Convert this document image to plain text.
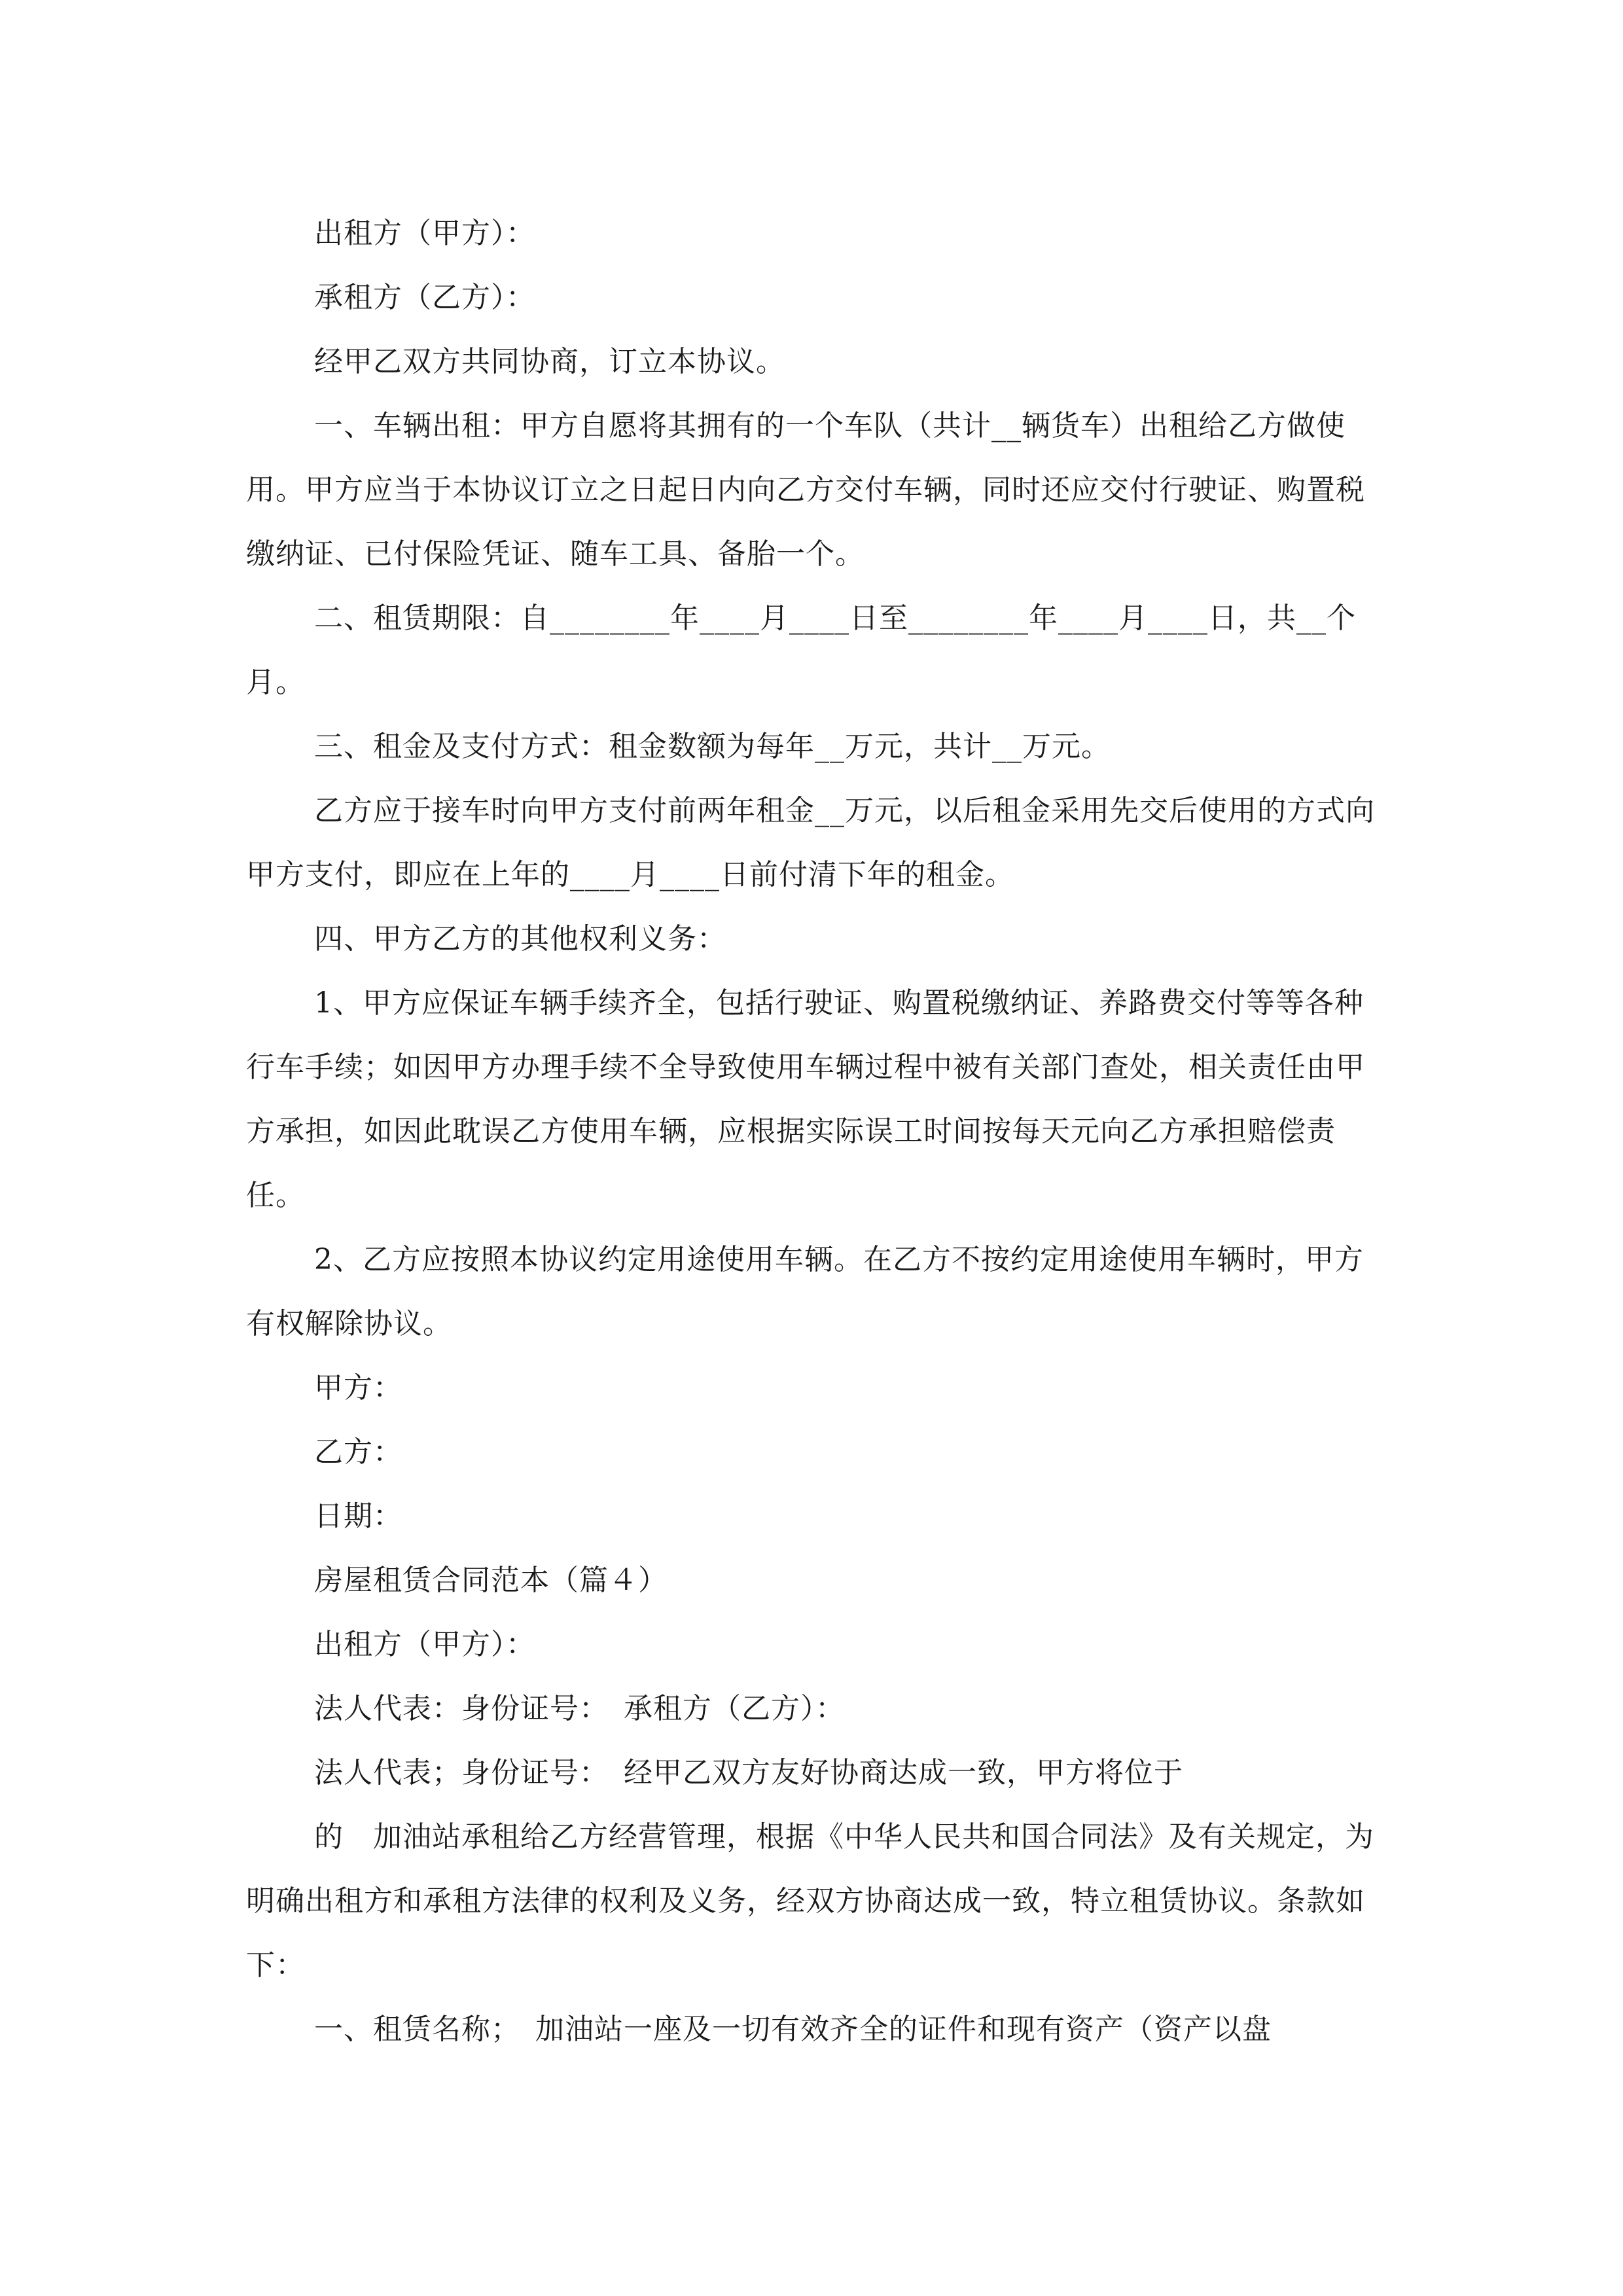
出租方（甲方）：

承租方（乙方）：

经甲乙双方共同协商，订立本协议。

一、车辆出租：甲方自愿将其拥有的一个车队（共计__辆货车）出租给乙方做使用。甲方应当于本协议订立之日起日内向乙方交付车辆，同时还应交付行驶证、购置税缴纳证、已付保险凭证、随车工具、备胎一个。

二、租赁期限：自________年____月____日至________年____月____日，共__个月。

三、租金及支付方式：租金数额为每年__万元，共计__万元。

乙方应于接车时向甲方支付前两年租金__万元，以后租金采用先交后使用的方式向甲方支付，即应在上年的____月____日前付清下年的租金。

四、甲方乙方的其他权利义务：

1、甲方应保证车辆手续齐全，包括行驶证、购置税缴纳证、养路费交付等等各种行车手续；如因甲方办理手续不全导致使用车辆过程中被有关部门查处，相关责任由甲方承担，如因此耽误乙方使用车辆，应根据实际误工时间按每天元向乙方承担赔偿责任。

2、乙方应按照本协议约定用途使用车辆。在乙方不按约定用途使用车辆时，甲方有权解除协议。

甲方：

乙方：

日期：

房屋租赁合同范本（篇４）

出租方（甲方）：

法人代表：身份证号：　承租方（乙方）：

法人代表；身份证号：　经甲乙双方友好协商达成一致，甲方将位于

的　加油站承租给乙方经营管理，根据《中华人民共和国合同法》及有关规定，为明确出租方和承租方法律的权利及义务，经双方协商达成一致，特立租赁协议。条款如下：

一、租赁名称；　加油站一座及一切有效齐全的证件和现有资产（资产以盘
